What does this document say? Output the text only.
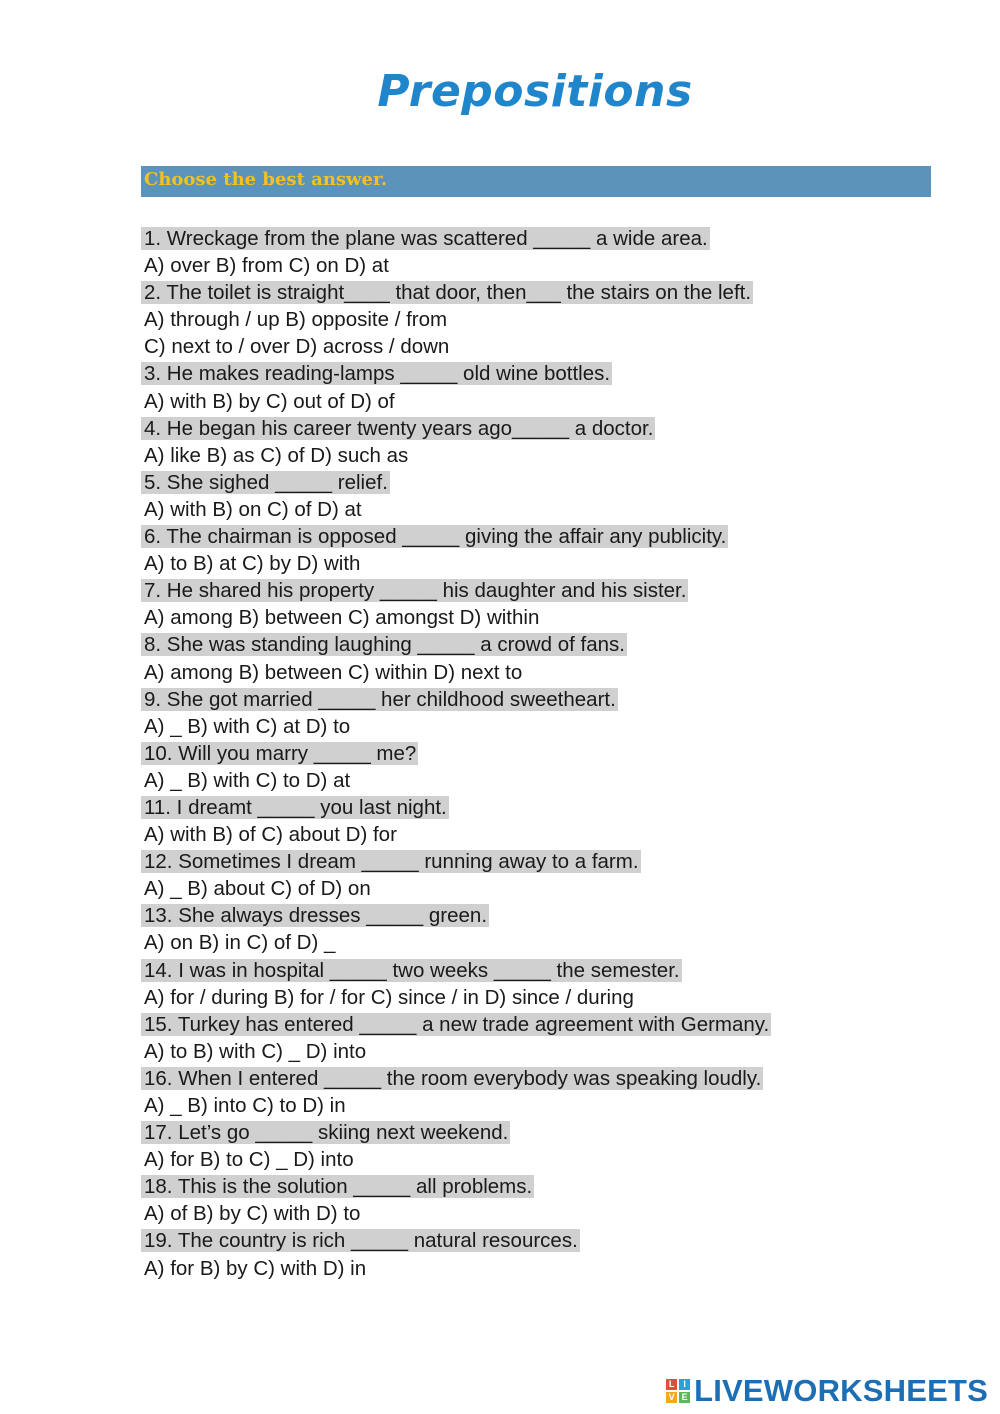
Prepositions
Choose the best answer.
1. Wreckage from the plane was scattered _____ a wide area.
A) over B) from C) on D) at
2. The toilet is straight____ that door, then___ the stairs on the left.
A) through / up B) opposite / from
C) next to / over D) across / down
3. He makes reading-lamps _____ old wine bottles.
A) with B) by C) out of D) of
4. He began his career twenty years ago_____ a doctor.
A) like B) as C) of D) such as
5. She sighed _____ relief.
A) with B) on C) of D) at
6. The chairman is opposed _____ giving the affair any publicity.
A) to B) at C) by D) with
7. He shared his property _____ his daughter and his sister.
A) among B) between C) amongst D) within
8. She was standing laughing _____ a crowd of fans.
A) among B) between C) within D) next to
9. She got married _____ her childhood sweetheart.
A) _ B) with C) at D) to
10. Will you marry _____ me?
A) _ B) with C) to D) at
11. I dreamt _____ you last night.
A) with B) of C) about D) for
12. Sometimes I dream _____ running away to a farm.
A) _ B) about C) of D) on
13. She always dresses _____ green.
A) on B) in C) of D) _
14. I was in hospital _____ two weeks _____ the semester.
A) for / during B) for / for C) since / in D) since / during
15. Turkey has entered _____ a new trade agreement with Germany.
A) to B) with C) _ D) into
16. When I entered _____ the room everybody was speaking loudly.
A) _ B) into C) to D) in
17. Let’s go _____ skiing next weekend.
A) for B) to C) _ D) into
18. This is the solution _____ all problems.
A) of B) by C) with D) to
19. The country is rich _____ natural resources.
A) for B) by C) with D) in
L I
V E LIVEWORKSHEETS
